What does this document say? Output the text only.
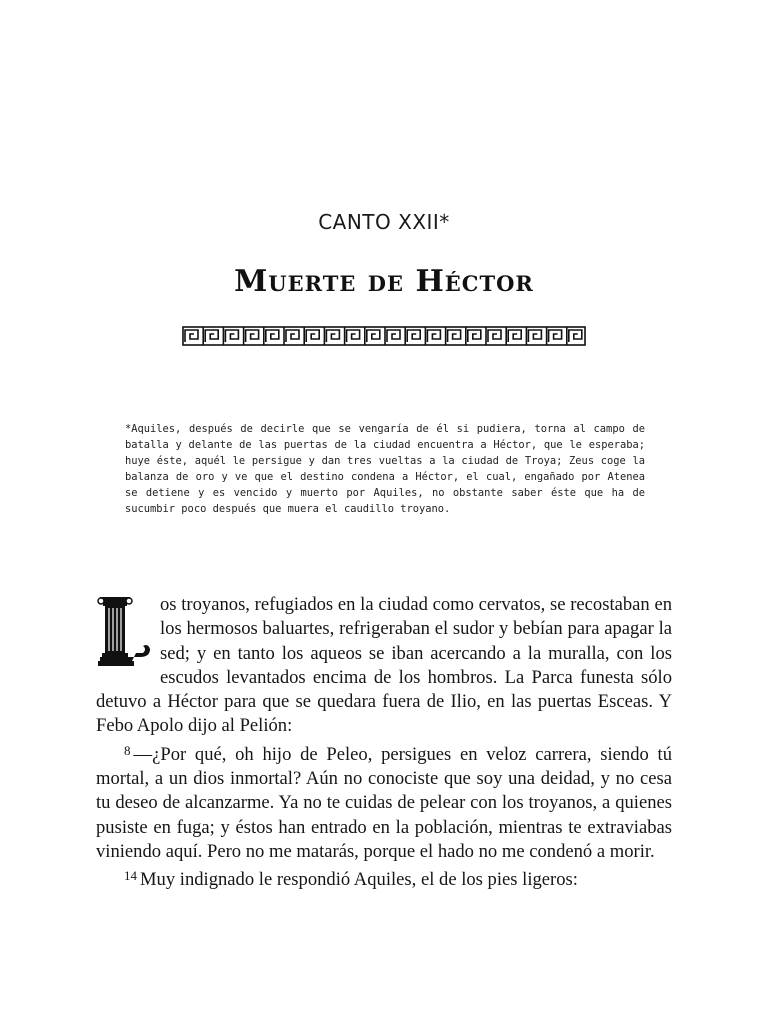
CANTO XXII*
Muerte de Héctor

*Aquiles, después de decirle que se vengaría de él si pudiera, torna al campo de batalla y delante de las puertas de la ciudad encuentra a Héctor, que le esperaba; huye éste, aquél le persigue y dan tres vueltas a la ciudad de Troya; Zeus coge la balanza de oro y ve que el destino condena a Héctor, el cual, engañado por Atenea se detiene y es vencido y muerto por Aquiles, no obstante saber éste que ha de sucumbir poco después que muera el caudillo troyano.

os troyanos, refugiados en la ciudad como cervatos, se recostaban en los hermosos baluartes, refrigeraban el sudor y bebían para apagar la sed; y en tanto los aqueos se iban acercando a la muralla, con los escudos levantados encima de los hombros. La Parca funesta sólo detuvo a Héctor para que se quedara fuera de Ilio, en las puertas Esceas. Y Febo Apolo dijo al Pelión:

$^8$ —¿Por qué, oh hijo de Peleo, persigues en veloz carrera, siendo tú mortal, a un dios inmortal? Aún no conociste que soy una deidad, y no cesa tu deseo de alcanzarme. Ya no te cuidas de pelear con los troyanos, a quienes pusiste en fuga; y éstos han entrado en la población, mientras te extraviabas viniendo aquí. Pero no me matarás, porque el hado no me condenó a morir.

$^{14}$ Muy indignado le respondió Aquiles, el de los pies ligeros:
